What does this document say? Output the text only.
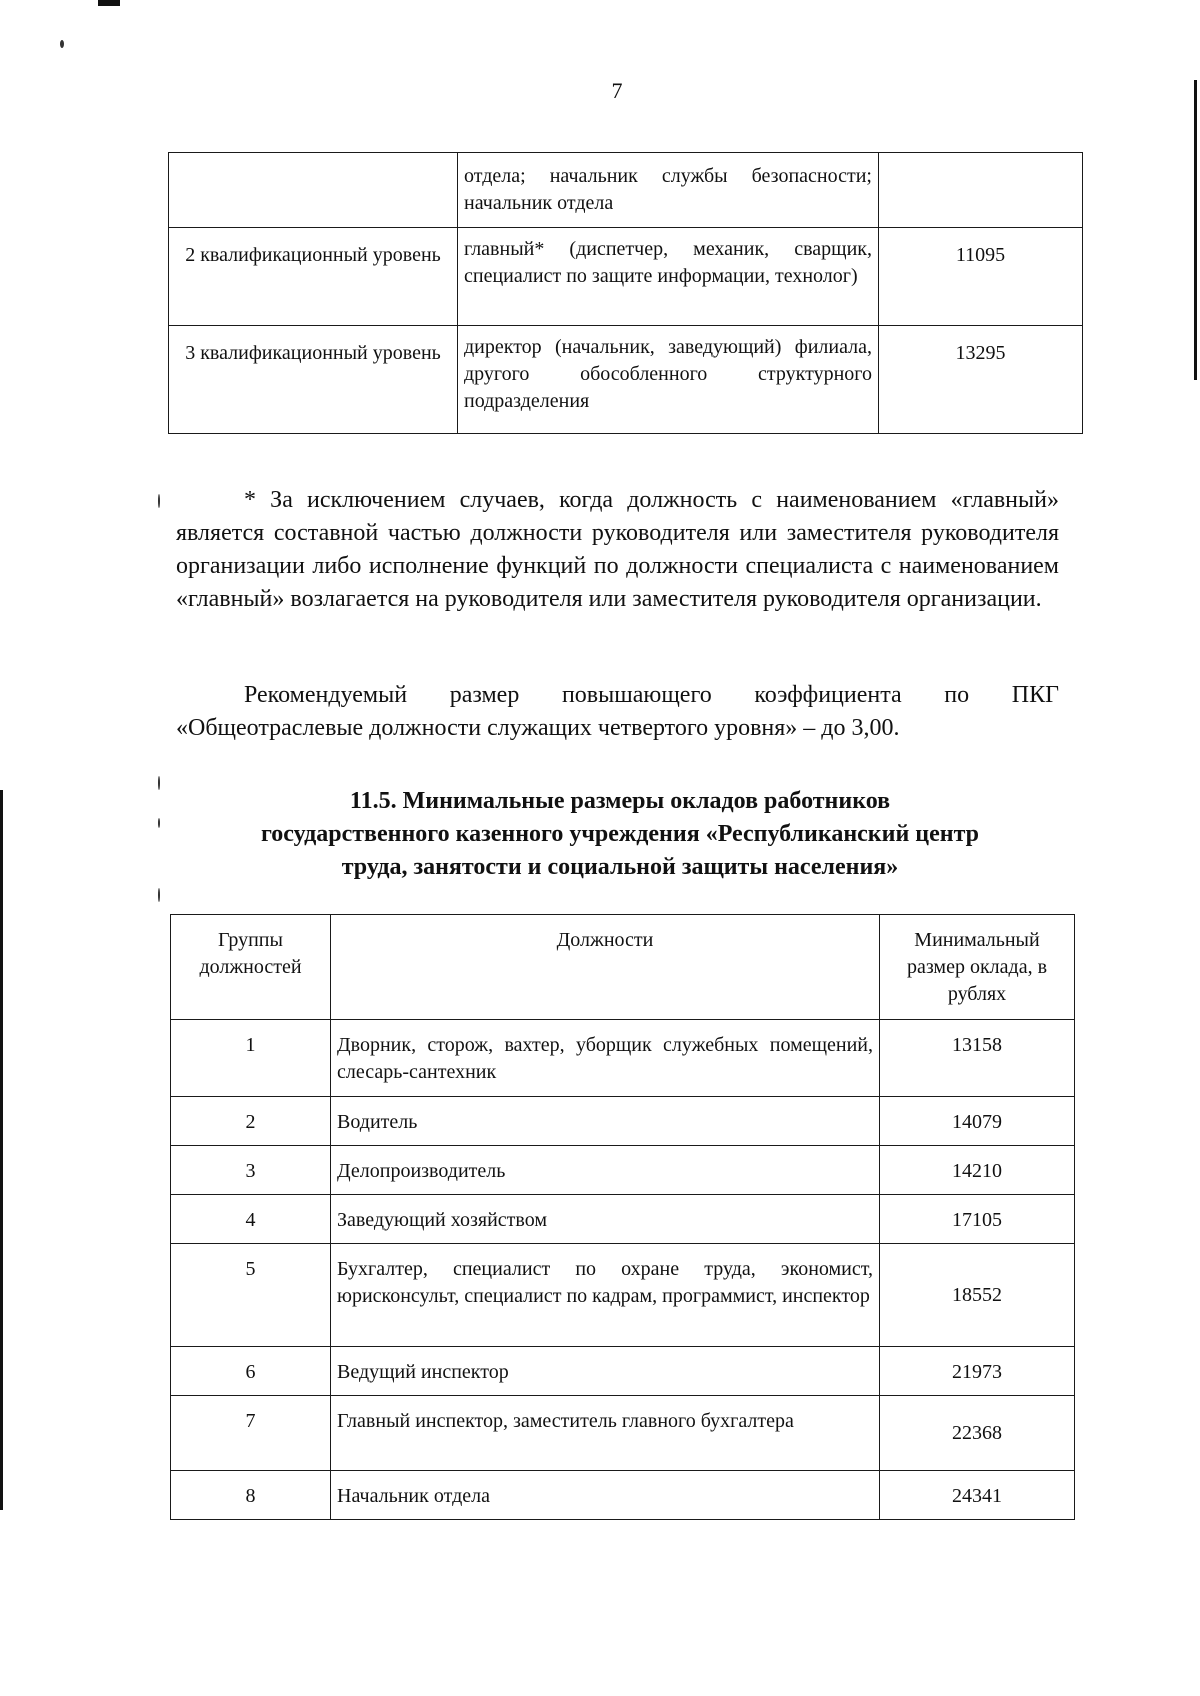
7
	отдела; начальник службы безопасности; начальник отдела	
2 квалификационный уровень	главный* (диспетчер, механик, сварщик, специалист по защите информации, технолог)	11095
3 квалификационный уровень	директор (начальник, заведующий) филиала, другого обособленного структурного подразделения	13295
* За исключением случаев, когда должность с наименованием «главный» является составной частью должности руководителя или заместителя руководителя организации либо исполнение функций по должности специалиста с наименованием «главный» возлагается на руководителя или заместителя руководителя организации.
Рекомендуемый размер повышающего коэффициента по ПКГ «Общеотраслевые должности служащих четвертого уровня» – до 3,00.
11.5. Минимальные размеры окладов работников
государственного казенного учреждения «Республиканский центр
труда, занятости и социальной защиты населения»
Группы должностей	Должности	Минимальный размер оклада, в рублях
1	Дворник, сторож, вахтер, уборщик служебных помещений, слесарь-сантехник	13158
2	Водитель	14079
3	Делопроизводитель	14210
4	Заведующий хозяйством	17105
5	Бухгалтер, специалист по охране труда, экономист, юрисконсульт, специалист по кадрам, программист, инспектор	18552
6	Ведущий инспектор	21973
7	Главный инспектор, заместитель главного бухгалтера	22368
8	Начальник отдела	24341
